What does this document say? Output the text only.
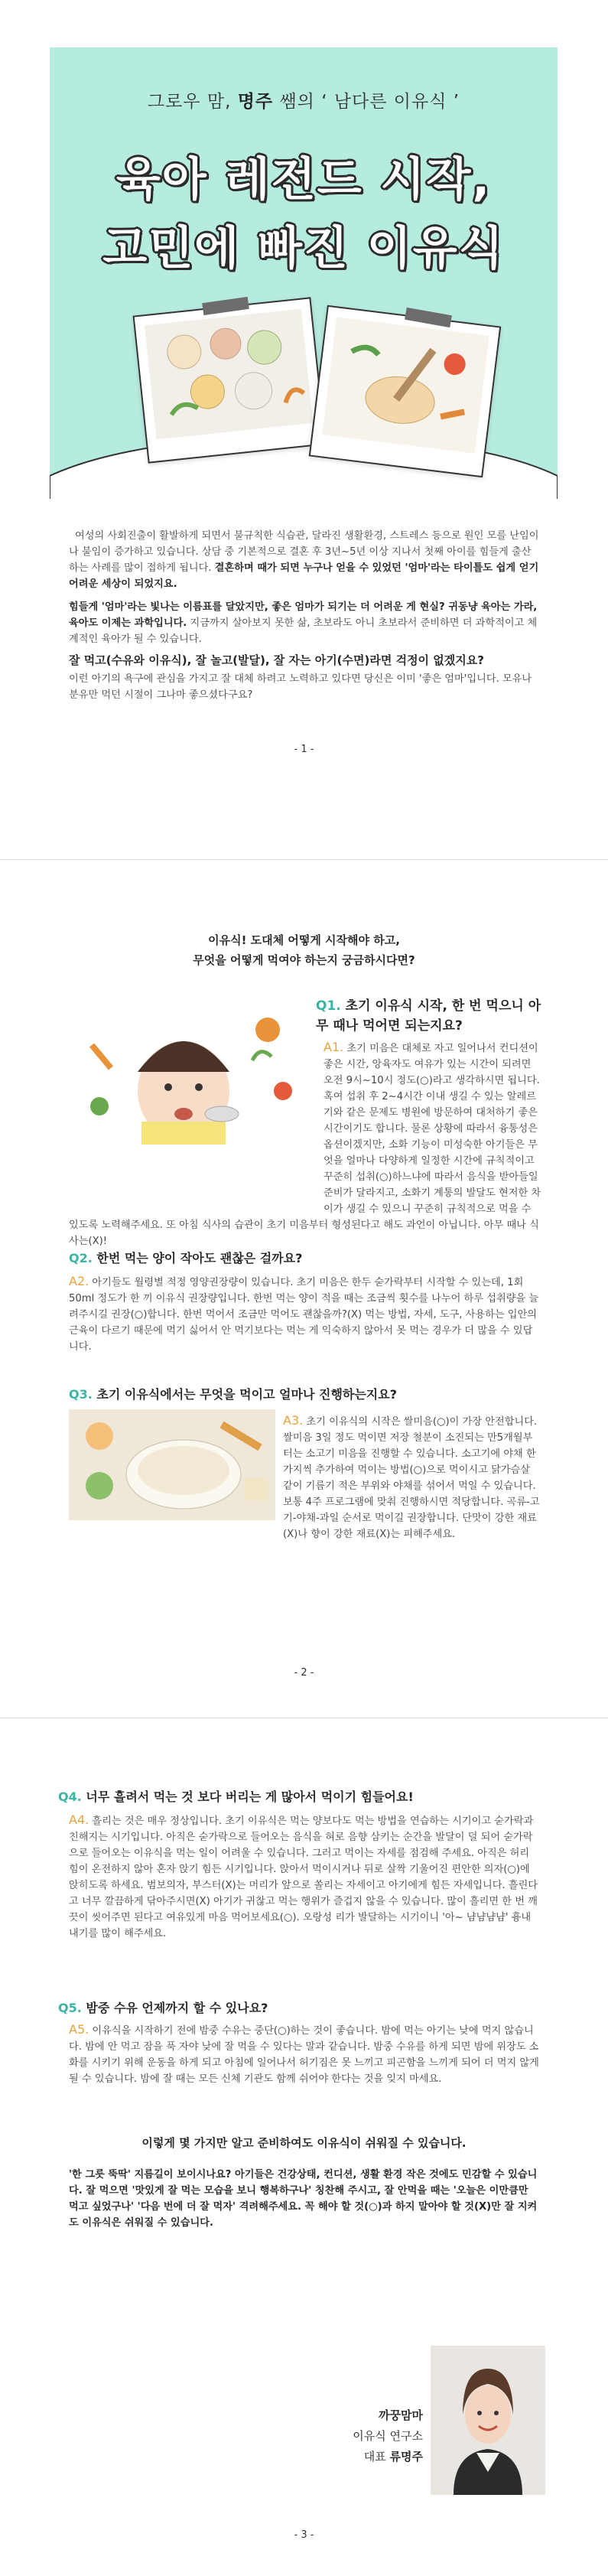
그로우 맘, 명주 쌤의 ‘ 남다른 이유식 ’
육아 레전드 시작,
고민에 빠진 이유식
여성의 사회진출이 활발하게 되면서 불규칙한 식습관, 달라진 생활환경, 스트레스 등으로 원인 모를 난임이나 불임이 증가하고 있습니다. 상담 중 기본적으로 결혼 후 3년~5년 이상 지나서 첫째 아이를 힘들게 출산하는 사례를 많이 접하게 됩니다. 결혼하며 때가 되면 누구나 얻을 수 있었던 '엄마'라는 타이틀도 쉽게 얻기 어려운 세상이 되었지요.
힘들게 '엄마'라는 빛나는 이름표를 달았지만, 좋은 엄마가 되기는 더 어려운 게 현실? 귀동냥 육아는 가라, 육아도 이제는 과학입니다. 지금까지 살아보지 못한 삶, 초보라도 아니 초보라서 준비하면 더 과학적이고 체계적인 육아가 될 수 있습니다.
잘 먹고(수유와 이유식), 잘 놀고(발달), 잘 자는 아기(수면)라면 걱정이 없겠지요?
이런 아기의 욕구에 관심을 가지고 잘 대체 하려고 노력하고 있다면 당신은 이미 '좋은 엄마'입니다. 모유나 분유만 먹던 시절이 그나마 좋으셨다구요?
- 1 -
이유식! 도대체 어떻게 시작해야 하고,
무엇을 어떻게 먹여야 하는지 궁금하시다면?
Q1. 초기 이유식 시작, 한 번 먹으니 아무 때나 먹어면 되는지요?
A1. 초기 미음은 대체로 자고 일어나서 컨디션이 좋은 시간, 앙육자도 여유가 있는 시간이 되려면 오전 9시~10시 정도(○)라고 생각하시면 됩니다. 혹여 섭취 후 2~4시간 이내 생길 수 있는 알레르기와 같은 문제도 병원에 방문하여 대처하기 좋은 시간이기도 합니다. 물론 상황에 따라서 융통성은 옵션이겠지만, 소화 기능이 미성숙한 아기들은 무엇을 얼마나 다양하게 일정한 시간에 규칙적이고 꾸준히 섭취(○)하느냐에 따라서 음식을 받아들일 준비가 달라지고, 소화기 계통의 발달도 현저한 차이가 생길 수 있으니 꾸준히 규칙적으로 먹을 수 있도록 노력해주세요. 또 아침 식사의 습관이 초기 미음부터 형성된다고 해도 과언이 아닙니다. 아무 때나 식사는(X)!
Q2. 한번 먹는 양이 작아도 괜찮은 걸까요?
A2. 아기들도 월령별 적정 영양권장량이 있습니다. 초기 미음은 한두 숟가락부터 시작할 수 있는데, 1회 50ml 정도가 한 끼 이유식 권장량입니다. 한번 먹는 양이 적을 때는 조금씩 횟수를 나누어 하루 섭취량을 늘려주시길 권장(○)합니다. 한번 먹어서 조금만 먹어도 괜찮을까?(X) 먹는 방법, 자세, 도구, 사용하는 입안의 근육이 다르기 때문에 먹기 싫어서 안 먹기보다는 먹는 게 익숙하지 않아서 못 먹는 경우가 더 많을 수 있답니다.
Q3. 초기 이유식에서는 무엇을 먹이고 얼마나 진행하는지요?
A3. 초기 이유식의 시작은 쌀미음(○)이 가장 안전합니다. 쌀미음 3일 정도 먹이면 저장 철분이 소진되는 만5개월부터는 소고기 미음을 진행할 수 있습니다. 소고기에 야채 한가지씩 추가하여 먹이는 방법(○)으로 먹이시고 닭가슴살 같이 기름기 적은 부위와 야채를 섞어서 먹일 수 있습니다. 보통 4주 프로그램에 맞춰 진행하시면 적당합니다. 곡류-고기-야채-과일 순서로 먹이길 권장합니다. 단맛이 강한 재료(X)나 향이 강한 재료(X)는 피해주세요.
- 2 -
Q4. 너무 흘려서 먹는 것 보다 버리는 게 많아서 먹이기 힘들어요!
A4. 흘리는 것은 매우 정상입니다. 초기 이유식은 먹는 양보다도 먹는 방법을 연습하는 시기이고 숟가락과 친해지는 시기입니다. 아직은 숟가락으로 들어오는 음식을 혀로 음향 삼키는 순간을 발달이 덜 되어 숟가락으로 들어오는 이유식을 먹는 일이 어려울 수 있습니다. 그러고 먹이는 자세를 점검해 주세요. 아직은 허리 힘이 온전하지 않아 혼자 앉기 힘든 시기입니다. 앉아서 먹이시거나 뒤로 살짝 기울어진 편안한 의자(○)에 앉히도록 하세요. 범보의자, 부스터(X)는 머리가 앞으로 쏠리는 자세이고 아기에게 힘든 자세입니다. 흘린다고 너무 깔끔하게 닦아주시면(X) 아기가 귀찮고 먹는 행위가 즐겁지 않을 수 있습니다. 많이 흘리면 한 번 깨끗이 씻어주면 된다고 여유있게 마음 먹어보세요(○). 오랑성 리가 발달하는 시기이니 '아~ 냠냠냠냠' 흉내내기를 많이 해주세요.
Q5. 밤중 수유 언제까지 할 수 있나요?
A5. 이유식을 시작하기 전에 밤중 수유는 중단(○)하는 것이 좋습니다. 밤에 먹는 아기는 낮에 먹지 않습니다. 밤에 안 먹고 잠을 푹 자야 낮에 잘 먹을 수 있다는 말과 같습니다. 밤중 수유를 하게 되면 밤에 위장도 소화를 시키기 위해 운동을 하게 되고 아침에 일어나서 허기짐은 못 느끼고 피곤함을 느끼게 되어 더 먹지 않게 될 수 있습니다. 밤에 잘 때는 모든 신체 기관도 함께 쉬어야 한다는 것을 잊지 마세요.
이렇게 몇 가지만 알고 준비하여도 이유식이 쉬워질 수 있습니다.
'한 그릇 뚝딱' 지름길이 보이시나요? 아기들은 건강상태, 컨디션, 생활 환경 작은 것에도 민감할 수 있습니다. 잘 먹으면 '맛있게 잘 먹는 모습을 보니 행복하구나' 칭찬해 주시고, 잘 안먹을 때는 '오늘은 이만큼만 먹고 싶었구나' '다음 번에 더 잘 먹자' 격려해주세요. 꼭 해야 할 것(○)과 하지 말아야 할 것(X)만 잘 지켜도 이유식은 쉬워질 수 있습니다.
까꿍맘마
이유식 연구소
대표 류명주
- 3 -
